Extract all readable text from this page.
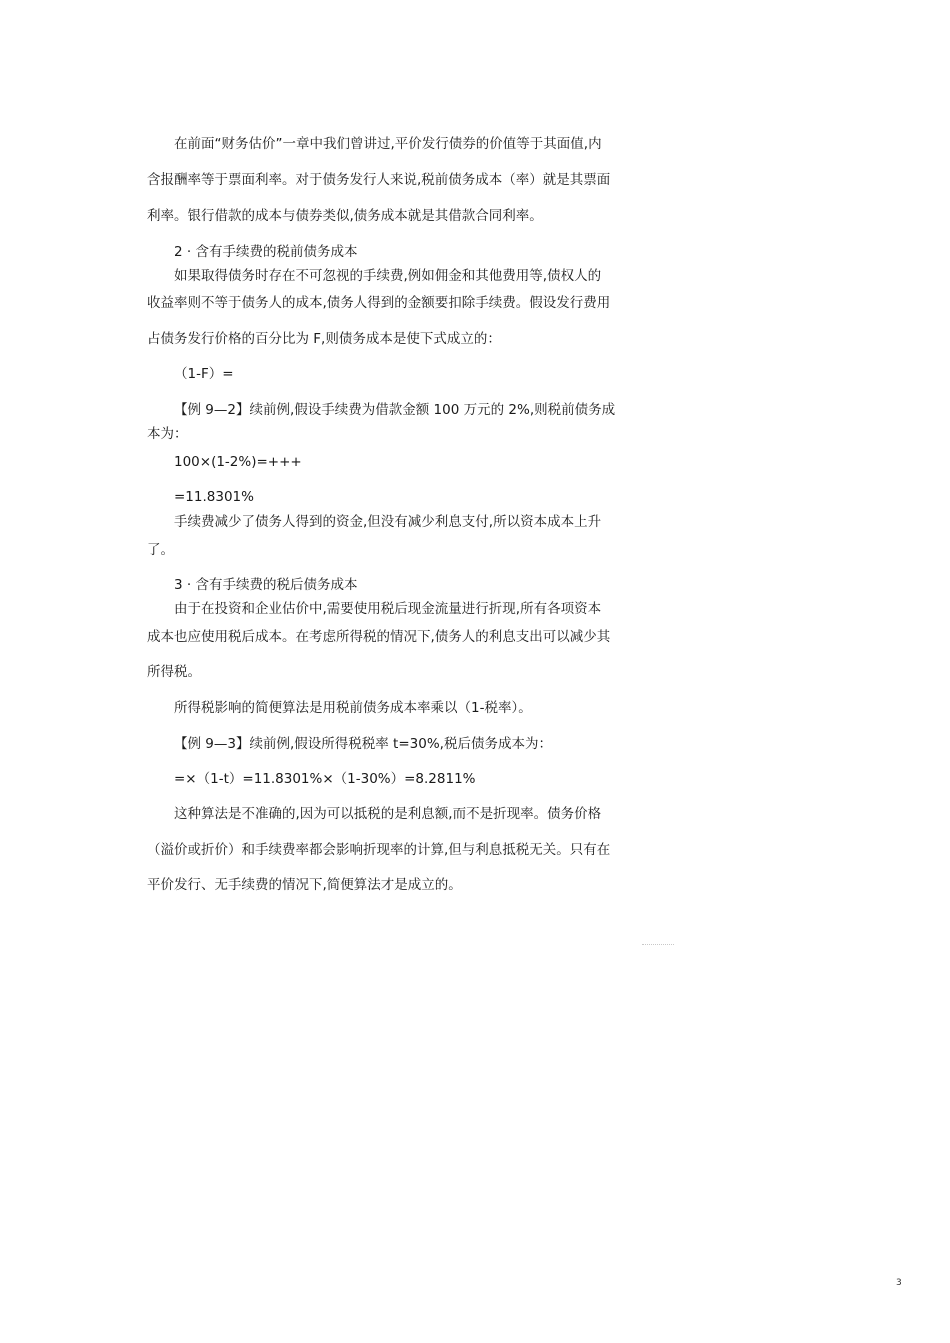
在前面“财务估价”一章中我们曾讲过,平价发行债券的价值等于其面值,内
含报酬率等于票面利率。对于债务发行人来说,税前债务成本（率）就是其票面
利率。银行借款的成本与债券类似,债务成本就是其借款合同利率。
2 · 含有手续费的税前债务成本
如果取得债务时存在不可忽视的手续费,例如佣金和其他费用等,债权人的
收益率则不等于债务人的成本,债务人得到的金额要扣除手续费。假设发行费用
占债务发行价格的百分比为 F,则债务成本是使下式成立的：
（1-F）=
【例 9—2】续前例,假设手续费为借款金额 100 万元的 2%,则税前债务成
本为：
100×(1-2%)=+++
=11.8301%
手续费减少了债务人得到的资金,但没有减少利息支付,所以资本成本上升
了。
3 · 含有手续费的税后债务成本
由于在投资和企业估价中,需要使用税后现金流量进行折现,所有各项资本
成本也应使用税后成本。在考虑所得税的情况下,债务人的利息支出可以减少其
所得税。
所得税影响的简便算法是用税前债务成本率乘以（1-税率）。
【例 9—3】续前例,假设所得税税率 t=30%,税后债务成本为：
=×（1-t）=11.8301%×（1-30%）=8.2811%
这种算法是不准确的,因为可以抵税的是利息额,而不是折现率。债务价格
（溢价或折价）和手续费率都会影响折现率的计算,但与利息抵税无关。只有在
平价发行、无手续费的情况下,简便算法才是成立的。
3
